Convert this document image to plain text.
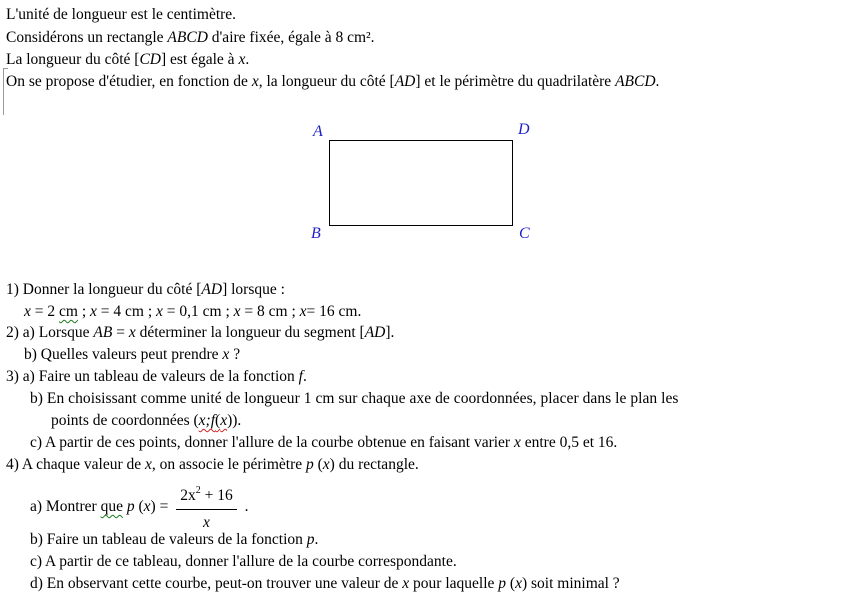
L'unité de longueur est le centimètre.
Considérons un rectangle ABCD d'aire fixée, égale à 8 cm².
La longueur du côté [CD] est égale à x.
On se propose d'étudier, en fonction de x, la longueur du côté [AD] et le périmètre du quadrilatère ABCD.
A	D
B	C
1) Donner la longueur du côté [AD] lorsque :
x = 2 cm ; x = 4 cm ; x = 0,1 cm ; x = 8 cm ; x= 16 cm.
2) a) Lorsque AB = x déterminer la longueur du segment [AD].
b) Quelles valeurs peut prendre x ?
3) a) Faire un tableau de valeurs de la fonction f.
b) En choisissant comme unité de longueur 1 cm sur chaque axe de coordonnées, placer dans le plan les
points de coordonnées (x;f(x)).
c) A partir de ces points, donner l'allure de la courbe obtenue en faisant varier x entre 0,5 et 16.
4) A chaque valeur de x, on associe le périmètre p (x) du rectangle.
a) Montrer que p $(x) = \frac{2x^2 + 16}{x}$ .
b) Faire un tableau de valeurs de la fonction p.
c) A partir de ce tableau, donner l'allure de la courbe correspondante.
d) En observant cette courbe, peut-on trouver une valeur de x pour laquelle p (x) soit minimal ?
